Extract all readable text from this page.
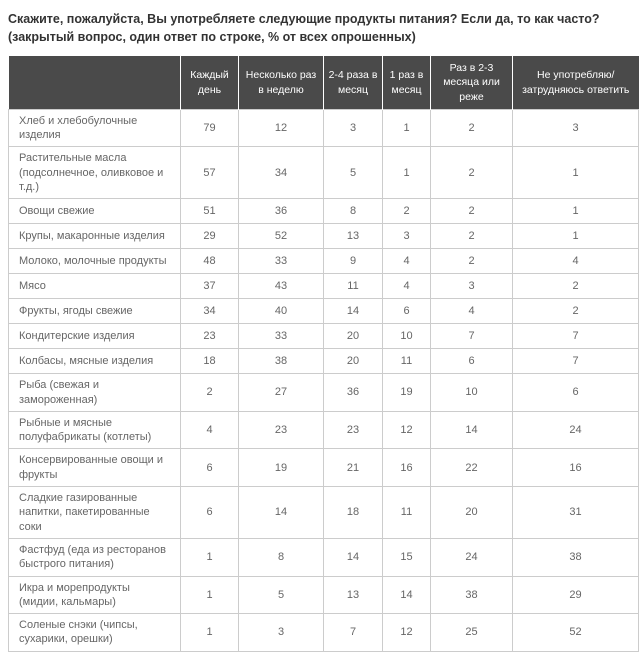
Скажите, пожалуйста, Вы употребляете следующие продукты питания? Если да, то как часто?
(закрытый вопрос, один ответ по строке, % от всех опрошенных)
	Каждый день	Несколько раз в неделю	2-4 раза в месяц	1 раз в месяц	Раз в 2-3 месяца или реже	Не употребляю/​затрудняюсь ответить
Хлеб и хлебобулочные изделия	79	12	3	1	2	3
Растительные масла (подсолнечное, оливковое и т.д.)	57	34	5	1	2	1
Овощи свежие	51	36	8	2	2	1
Крупы, макаронные изделия	29	52	13	3	2	1
Молоко, молочные продукты	48	33	9	4	2	4
Мясо	37	43	11	4	3	2
Фрукты, ягоды свежие	34	40	14	6	4	2
Кондитерские изделия	23	33	20	10	7	7
Колбасы, мясные изделия	18	38	20	11	6	7
Рыба (свежая и замороженная)	2	27	36	19	10	6
Рыбные и мясные полуфабрикаты (котлеты)	4	23	23	12	14	24
Консервированные овощи и фрукты	6	19	21	16	22	16
Сладкие газированные напитки, пакетированные соки	6	14	18	11	20	31
Фастфуд (еда из ресторанов быстрого питания)	1	8	14	15	24	38
Икра и морепродукты (мидии, кальмары)	1	5	13	14	38	29
Соленые снэки (чипсы, сухарики, орешки)	1	3	7	12	25	52
